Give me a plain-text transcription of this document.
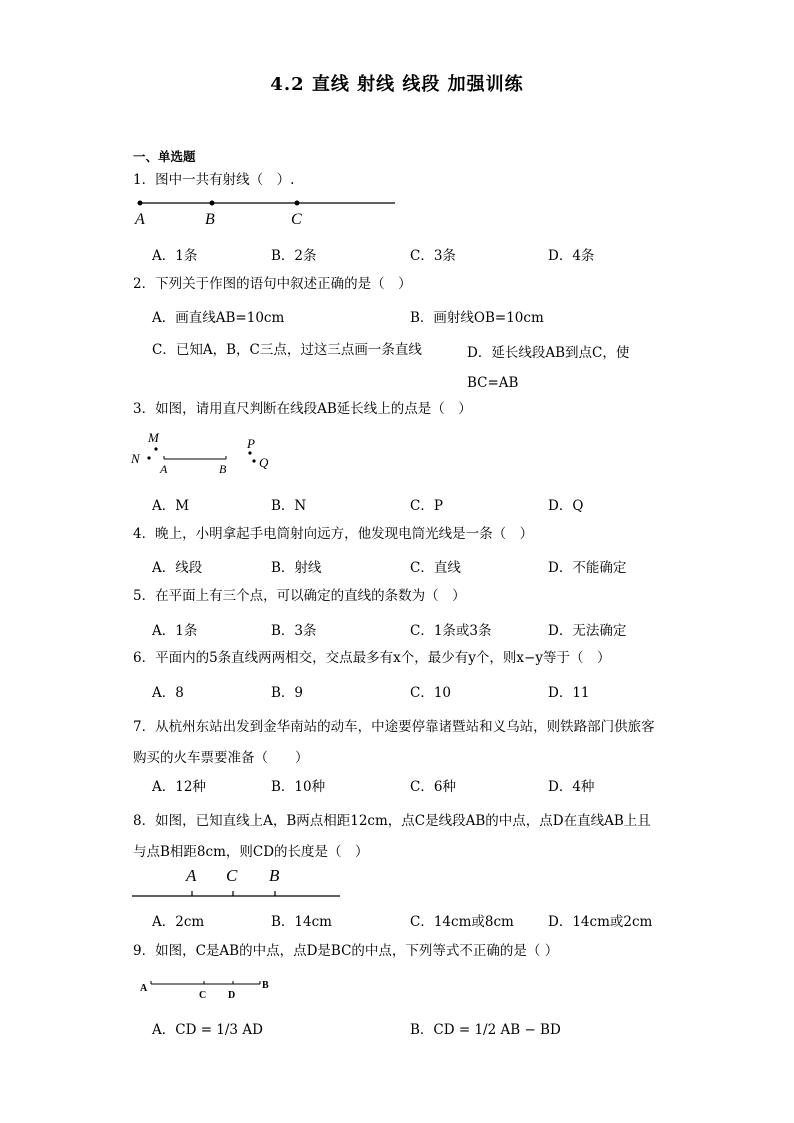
4.2 直线 射线 线段 加强训练
一、单选题
1．图中一共有射线（　）.
A	B	C
A．1条	B．2条	C．3条	D．4条
2．下列关于作图的语句中叙述正确的是（　）
A．画直线AB=10cm	B．画射线OB=10cm
C．已知A，B，C三点，过这三点画一条直线	D．延长线段AB到点C，使BC=AB
3．如图，请用直尺判断在线段AB延长线上的点是（　）
M
N
A	B
P
Q
A．M	B．N	C．P	D．Q
4．晚上，小明拿起手电筒射向远方，他发现电筒光线是一条（　）
A．线段	B．射线	C．直线	D．不能确定
5．在平面上有三个点，可以确定的直线的条数为（　）
A．1条	B．3条	C．1条或3条	D．无法确定
6．平面内的5条直线两两相交，交点最多有x个，最少有y个，则x−y等于（　）
A．8	B．9	C．10	D．11
7．从杭州东站出发到金华南站的动车，中途要停靠诸暨站和义乌站，则铁路部门供旅客购买的火车票要准备（　　）
A．12种	B．10种	C．6种	D．4种
8．如图，已知直线上A，B两点相距12cm，点C是线段AB的中点，点D在直线AB上且与点B相距8cm，则CD的长度是（　）
A C B
A．2cm	B．14cm	C．14cm或8cm	D．14cm或2cm
9．如图，C是AB的中点，点D是BC的中点，下列等式不正确的是（ ）
A
C D
B
A．CD = 1/3 AD	B．CD = 1/2 AB − BD
